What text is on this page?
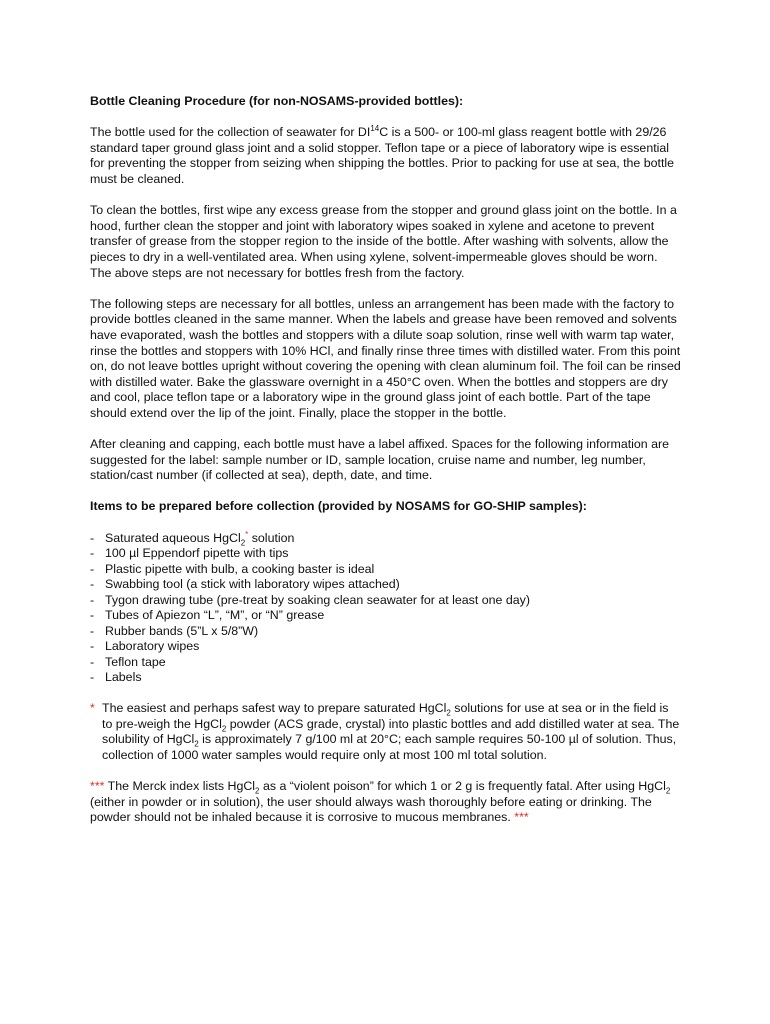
Bottle Cleaning Procedure (for non-NOSAMS-provided bottles):

The bottle used for the collection of seawater for DI$^{14}$C is a 500- or 100-ml glass reagent bottle with 29/26 standard taper ground glass joint and a solid stopper. Teflon tape or a piece of laboratory wipe is essential for preventing the stopper from seizing when shipping the bottles. Prior to packing for use at sea, the bottle must be cleaned.

To clean the bottles, first wipe any excess grease from the stopper and ground glass joint on the bottle. In a hood, further clean the stopper and joint with laboratory wipes soaked in xylene and acetone to prevent transfer of grease from the stopper region to the inside of the bottle. After washing with solvents, allow the pieces to dry in a well-ventilated area. When using xylene, solvent-impermeable gloves should be worn. The above steps are not necessary for bottles fresh from the factory.

The following steps are necessary for all bottles, unless an arrangement has been made with the factory to provide bottles cleaned in the same manner. When the labels and grease have been removed and solvents have evaporated, wash the bottles and stoppers with a dilute soap solution, rinse well with warm tap water, rinse the bottles and stoppers with 10% HCl, and finally rinse three times with distilled water. From this point on, do not leave bottles upright without covering the opening with clean aluminum foil. The foil can be rinsed with distilled water. Bake the glassware overnight in a 450°C oven. When the bottles and stoppers are dry and cool, place teflon tape or a laboratory wipe in the ground glass joint of each bottle. Part of the tape should extend over the lip of the joint. Finally, place the stopper in the bottle.

After cleaning and capping, each bottle must have a label affixed. Spaces for the following information are suggested for the label: sample number or ID, sample location, cruise name and number, leg number, station/cast number (if collected at sea), depth, date, and time.

Items to be prepared before collection (provided by NOSAMS for GO-SHIP samples):
- Saturated aqueous HgCl$_2$* solution
- 100 µl Eppendorf pipette with tips
- Plastic pipette with bulb, a cooking baster is ideal
- Swabbing tool (a stick with laboratory wipes attached)
- Tygon drawing tube (pre-treat by soaking clean seawater for at least one day)
- Tubes of Apiezon “L”, “M”, or “N” grease
- Rubber bands (5”L x 5/8”W)
- Laboratory wipes
- Teflon tape
- Labels

* The easiest and perhaps safest way to prepare saturated HgCl$_2$ solutions for use at sea or in the field is to pre-weigh the HgCl$_2$ powder (ACS grade, crystal) into plastic bottles and add distilled water at sea. The solubility of HgCl$_2$ is approximately 7 g/100 ml at 20°C; each sample requires 50-100 µl of solution. Thus, collection of 1000 water samples would require only at most 100 ml total solution.

*** The Merck index lists HgCl$_2$ as a “violent poison” for which 1 or 2 g is frequently fatal. After using HgCl$_2$ (either in powder or in solution), the user should always wash thoroughly before eating or drinking. The powder should not be inhaled because it is corrosive to mucous membranes. ***
